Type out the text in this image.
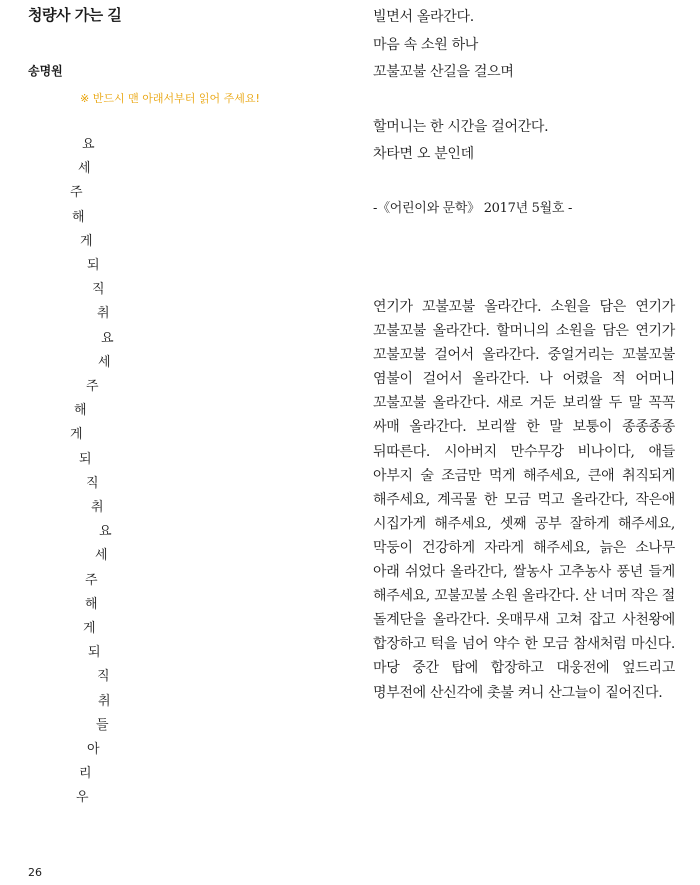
청량사 가는 길
송명원
※ 반드시 맨 아래서부터 읽어 주세요!
요
세
주
해
게
되
직
취
요
세
주
해
게
되
직
취
요
세
주
해
게
되
직
취
들
아
리
우
빌면서 올라간다.
마음 속 소원 하나
꼬불꼬불 산길을 걸으며
할머니는 한 시간을 걸어간다.
차타면 오 분인데
-《어린이와 문학》 2017년 5월호 -
연기가 꼬불꼬불 올라간다. 소원을 담은 연기가 꼬불꼬불 올라간다. 할머니의 소원을 담은 연기가 꼬불꼬불 걸어서 올라간다. 중얼거리는 꼬불꼬불 염불이 걸어서 올라간다. 나 어렸을 적 어머니 꼬불꼬불 올라간다. 새로 거둔 보리쌀 두 말 꼭꼭 싸매 올라간다. 보리쌀 한 말 보퉁이 종종종종 뒤따른다. 시아버지 만수무강 비나이다, 애들 아부지 술 조금만 먹게 해주세요, 큰애 취직되게 해주세요, 계곡물 한 모금 먹고 올라간다, 작은애 시집가게 해주세요, 셋째 공부 잘하게 해주세요, 막둥이 건강하게 자라게 해주세요, 늙은 소나무 아래 쉬었다 올라간다, 쌀농사 고추농사 풍년 들게 해주세요, 꼬불꼬불 소원 올라간다. 산 너머 작은 절 돌계단을 올라간다. 옷매무새 고쳐 잡고 사천왕에 합장하고 턱을 넘어 약수 한 모금 참새처럼 마신다. 마당 중간 탑에 합장하고 대웅전에 엎드리고 명부전에 산신각에 촛불 켜니 산그늘이 짙어진다.
26
